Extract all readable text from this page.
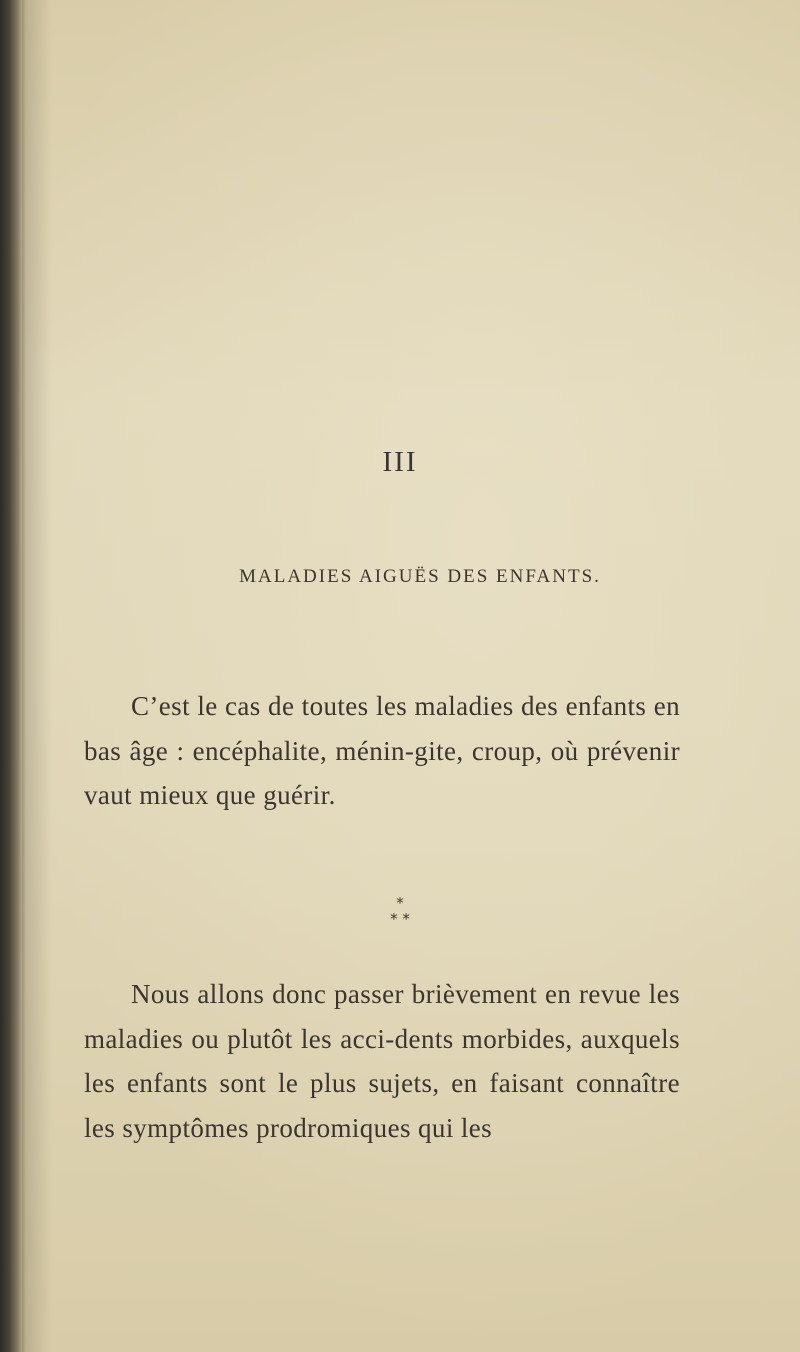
III
MALADIES AIGUËS DES ENFANTS.

C’est le cas de toutes les maladies des enfants en bas âge : encéphalite, ménin-gite, croup, où prévenir vaut mieux que guérir.

*
* *

Nous allons donc passer brièvement en revue les maladies ou plutôt les acci-dents morbides, auxquels les enfants sont le plus sujets, en faisant connaître les symptômes prodromiques qui les
